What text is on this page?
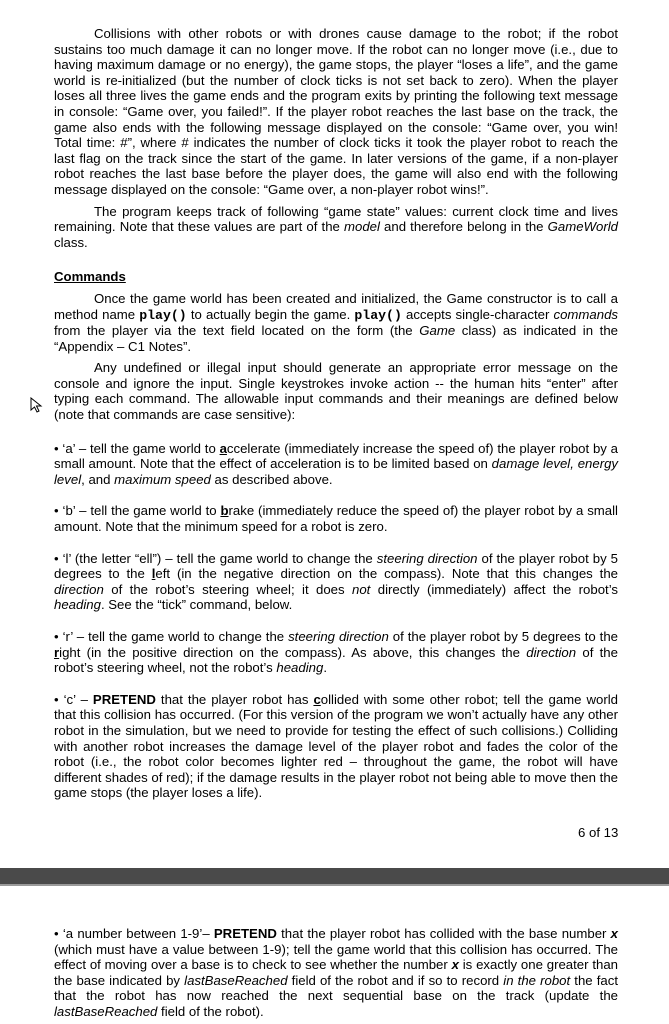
Collisions with other robots or with drones cause damage to the robot; if the robot sustains too much damage it can no longer move. If the robot can no longer move (i.e., due to having maximum damage or no energy), the game stops, the player “loses a life”, and the game world is re-initialized (but the number of clock ticks is not set back to zero). When the player loses all three lives the game ends and the program exits by printing the following text message in console: “Game over, you failed!”. If the player robot reaches the last base on the track, the game also ends with the following message displayed on the console: “Game over, you win! Total time: #”, where # indicates the number of clock ticks it took the player robot to reach the last flag on the track since the start of the game. In later versions of the game, if a non-player robot reaches the last base before the player does, the game will also end with the following message displayed on the console: “Game over, a non-player robot wins!”.

The program keeps track of following “game state” values: current clock time and lives remaining. Note that these values are part of the model and therefore belong in the GameWorld class.

Commands

Once the game world has been created and initialized, the Game constructor is to call a method name play() to actually begin the game. play() accepts single-character commands from the player via the text field located on the form (the Game class) as indicated in the “Appendix – C1 Notes”.

Any undefined or illegal input should generate an appropriate error message on the console and ignore the input. Single keystrokes invoke action -- the human hits “enter” after typing each command. The allowable input commands and their meanings are defined below (note that commands are case sensitive):

• ‘a’ – tell the game world to accelerate (immediately increase the speed of) the player robot by a small amount. Note that the effect of acceleration is to be limited based on damage level, energy level, and maximum speed as described above.

• ‘b’ – tell the game world to brake (immediately reduce the speed of) the player robot by a small amount. Note that the minimum speed for a robot is zero.

• ‘l’ (the letter “ell”) – tell the game world to change the steering direction of the player robot by 5 degrees to the left (in the negative direction on the compass). Note that this changes the direction of the robot’s steering wheel; it does not directly (immediately) affect the robot’s heading. See the “tick” command, below.

• ‘r’ – tell the game world to change the steering direction of the player robot by 5 degrees to the right (in the positive direction on the compass). As above, this changes the direction of the robot’s steering wheel, not the robot’s heading.

• ‘c’ – PRETEND that the player robot has collided with some other robot; tell the game world that this collision has occurred. (For this version of the program we won’t actually have any other robot in the simulation, but we need to provide for testing the effect of such collisions.) Colliding with another robot increases the damage level of the player robot and fades the color of the robot (i.e., the robot color becomes lighter red – throughout the game, the robot will have different shades of red); if the damage results in the player robot not being able to move then the game stops (the player loses a life).

6 of 13

• ‘a number between 1-9’– PRETEND that the player robot has collided with the base number x (which must have a value between 1-9); tell the game world that this collision has occurred. The effect of moving over a base is to check to see whether the number x is exactly one greater than the base indicated by lastBaseReached field of the robot and if so to record in the robot the fact that the robot has now reached the next sequential base on the track (update the lastBaseReached field of the robot).
